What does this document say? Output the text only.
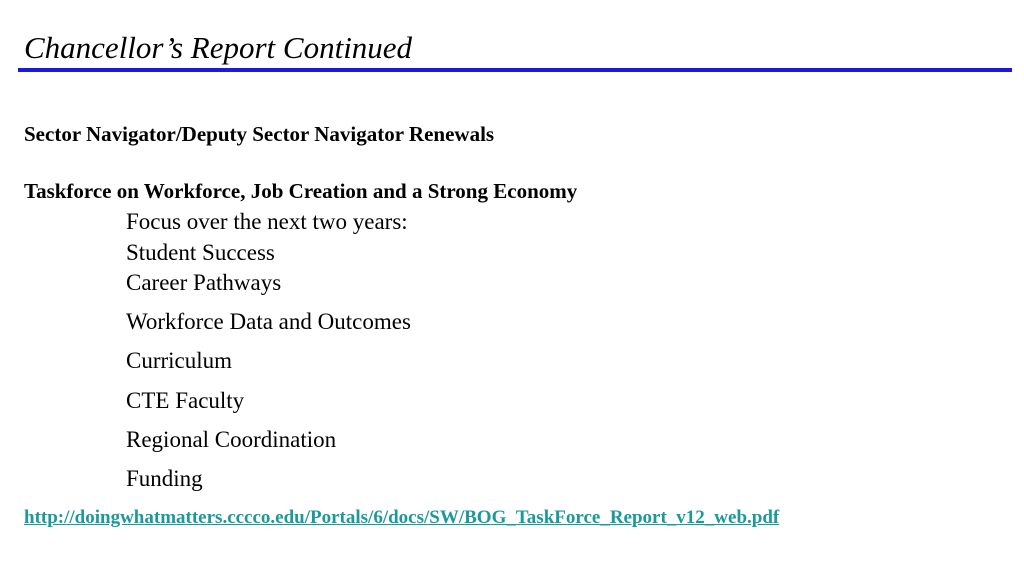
Chancellor’s Report Continued
Sector Navigator/Deputy Sector Navigator Renewals
Taskforce on Workforce, Job Creation and a Strong Economy
Focus over the next two years:
Student Success
Career Pathways
Workforce Data and Outcomes
Curriculum
CTE Faculty
Regional Coordination
Funding
http://doingwhatmatters.cccco.edu/Portals/6/docs/SW/BOG_TaskForce_Report_v12_web.pdf
